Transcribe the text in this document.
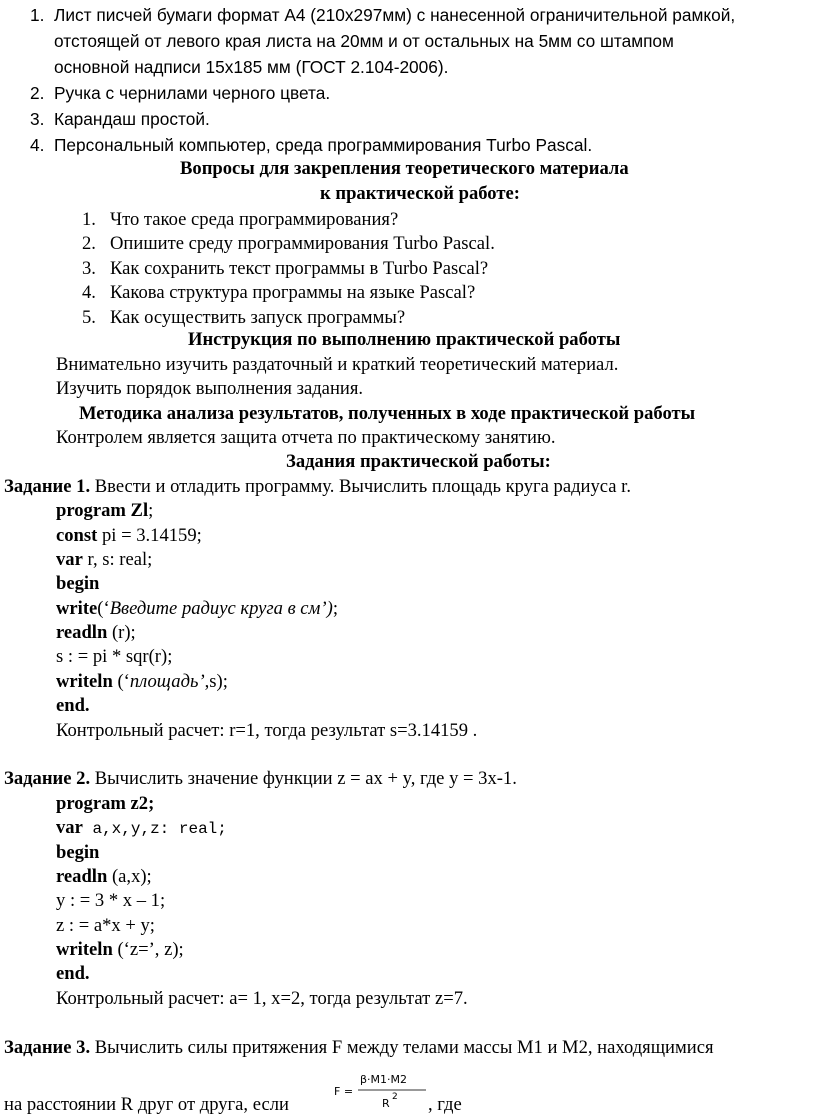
1. Лист писчей бумаги формат А4 (210х297мм) с нанесенной ограничительной рамкой,
отстоящей от левого края листа на 20мм и от остальных на 5мм со штампом
основной надписи 15х185 мм (ГОСТ 2.104-2006).
2. Ручка с чернилами черного цвета.
3. Карандаш простой.
4. Персональный компьютер, среда программирования Turbo Pascal.
Вопросы для закрепления теоретического материала
к практической работе:
1. Что такое среда программирования?
2. Опишите среду программирования Turbo Pascal.
3. Как сохранить текст программы в Turbo Pascal?
4. Какова структура программы на языке Pascal?
5. Как осуществить запуск программы?
Инструкция по выполнению практической работы
Внимательно изучить раздаточный и краткий теоретический материал.
Изучить порядок выполнения задания.
Методика анализа результатов, полученных в ходе практической работы
Контролем является защита отчета по практическому занятию.
Задания практической работы:
Задание 1. Ввести и отладить программу. Вычислить площадь круга радиуса r.
program Zl;
const pi = 3.14159;
var r, s: real;
begin
write(‘Введите радиус круга в см’);
readln (r);
s : = pi * sqr(r);
writeln (‘площадь’,s);
end.
Контрольный расчет: r=1, тогда результат s=3.14159 .
Задание 2. Вычислить значение функции z = ax + y, где y = 3x-1.
program z2;
var a,x,y,z: real;
begin
readln (a,x);
y : = 3 * x – 1;
z : = a*x + y;
writeln (‘z=’, z);
end.
Контрольный расчет: a= 1, x=2, тогда результат z=7.
Задание 3. Вычислить силы притяжения F между телами массы М1 и М2, находящимися
на расстоянии R друг от друга, если
F =
β·M1·M2
R 2 , где
